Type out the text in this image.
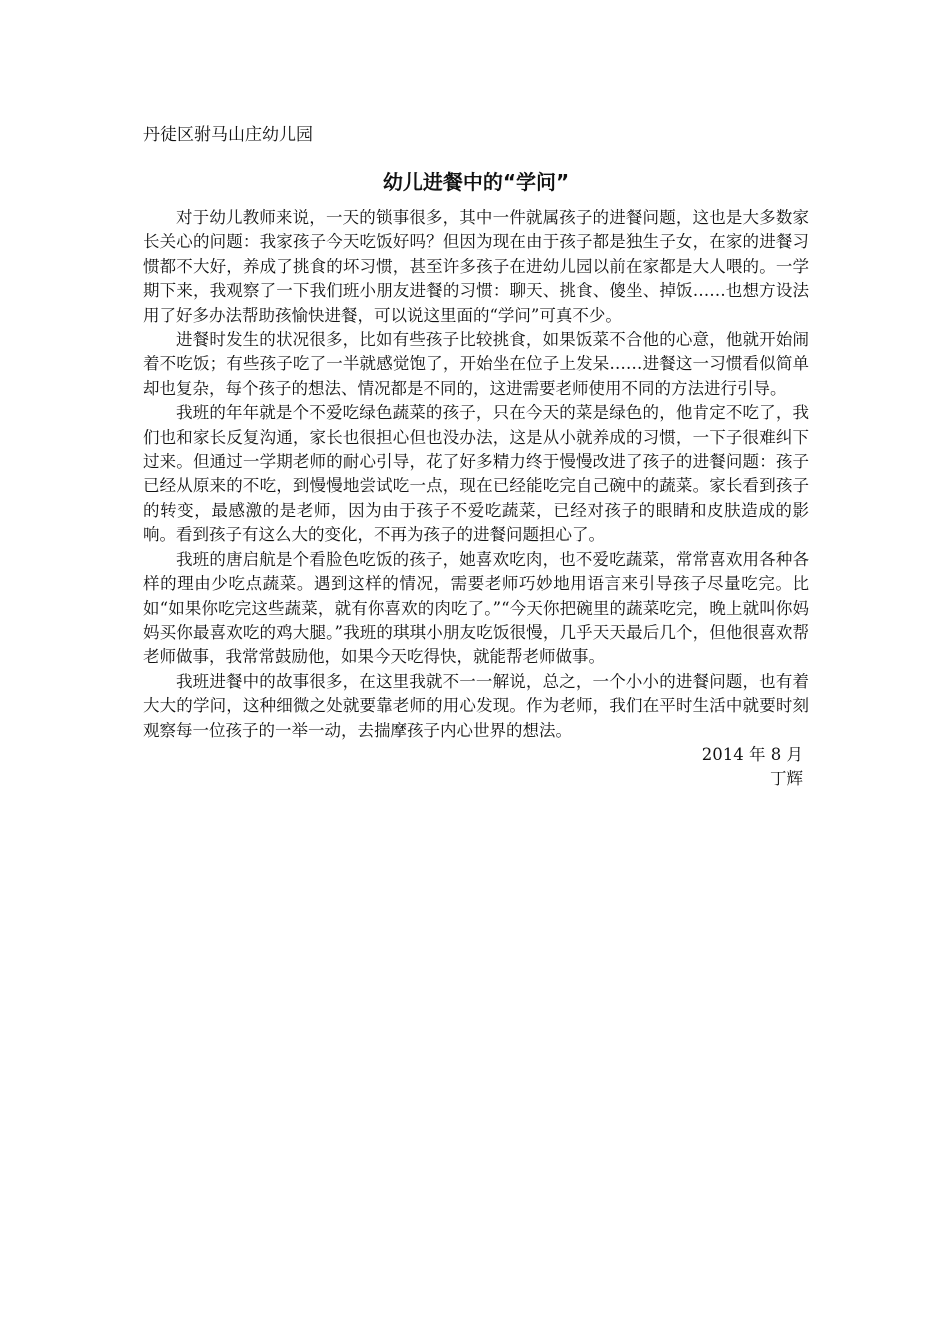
丹徒区驸马山庄幼儿园

幼儿进餐中的“学问”

对于幼儿教师来说，一天的锁事很多，其中一件就属孩子的进餐问题，这也是大多数家长关心的问题：我家孩子今天吃饭好吗？但因为现在由于孩子都是独生子女，在家的进餐习惯都不大好，养成了挑食的坏习惯，甚至许多孩子在进幼儿园以前在家都是大人喂的。一学期下来，我观察了一下我们班小朋友进餐的习惯：聊天、挑食、傻坐、掉饭……也想方设法用了好多办法帮助孩愉快进餐，可以说这里面的“学问”可真不少。

进餐时发生的状况很多，比如有些孩子比较挑食，如果饭菜不合他的心意，他就开始闹着不吃饭；有些孩子吃了一半就感觉饱了，开始坐在位子上发呆……进餐这一习惯看似简单却也复杂，每个孩子的想法、情况都是不同的，这进需要老师使用不同的方法进行引导。

我班的年年就是个不爱吃绿色蔬菜的孩子，只在今天的菜是绿色的，他肯定不吃了，我们也和家长反复沟通，家长也很担心但也没办法，这是从小就养成的习惯，一下子很难纠下过来。但通过一学期老师的耐心引导，花了好多精力终于慢慢改进了孩子的进餐问题：孩子已经从原来的不吃，到慢慢地尝试吃一点，现在已经能吃完自己碗中的蔬菜。家长看到孩子的转变，最感激的是老师，因为由于孩子不爱吃蔬菜，已经对孩子的眼睛和皮肤造成的影响。看到孩子有这么大的变化，不再为孩子的进餐问题担心了。

我班的唐启航是个看脸色吃饭的孩子，她喜欢吃肉，也不爱吃蔬菜，常常喜欢用各种各样的理由少吃点蔬菜。遇到这样的情况，需要老师巧妙地用语言来引导孩子尽量吃完。比如“如果你吃完这些蔬菜，就有你喜欢的肉吃了。”“今天你把碗里的蔬菜吃完，晚上就叫你妈妈买你最喜欢吃的鸡大腿。”我班的琪琪小朋友吃饭很慢，几乎天天最后几个，但他很喜欢帮老师做事，我常常鼓励他，如果今天吃得快，就能帮老师做事。

我班进餐中的故事很多，在这里我就不一一解说，总之，一个小小的进餐问题，也有着大大的学问，这种细微之处就要靠老师的用心发现。作为老师，我们在平时生活中就要时刻观察每一位孩子的一举一动，去揣摩孩子内心世界的想法。

2014 年 8 月

丁辉
